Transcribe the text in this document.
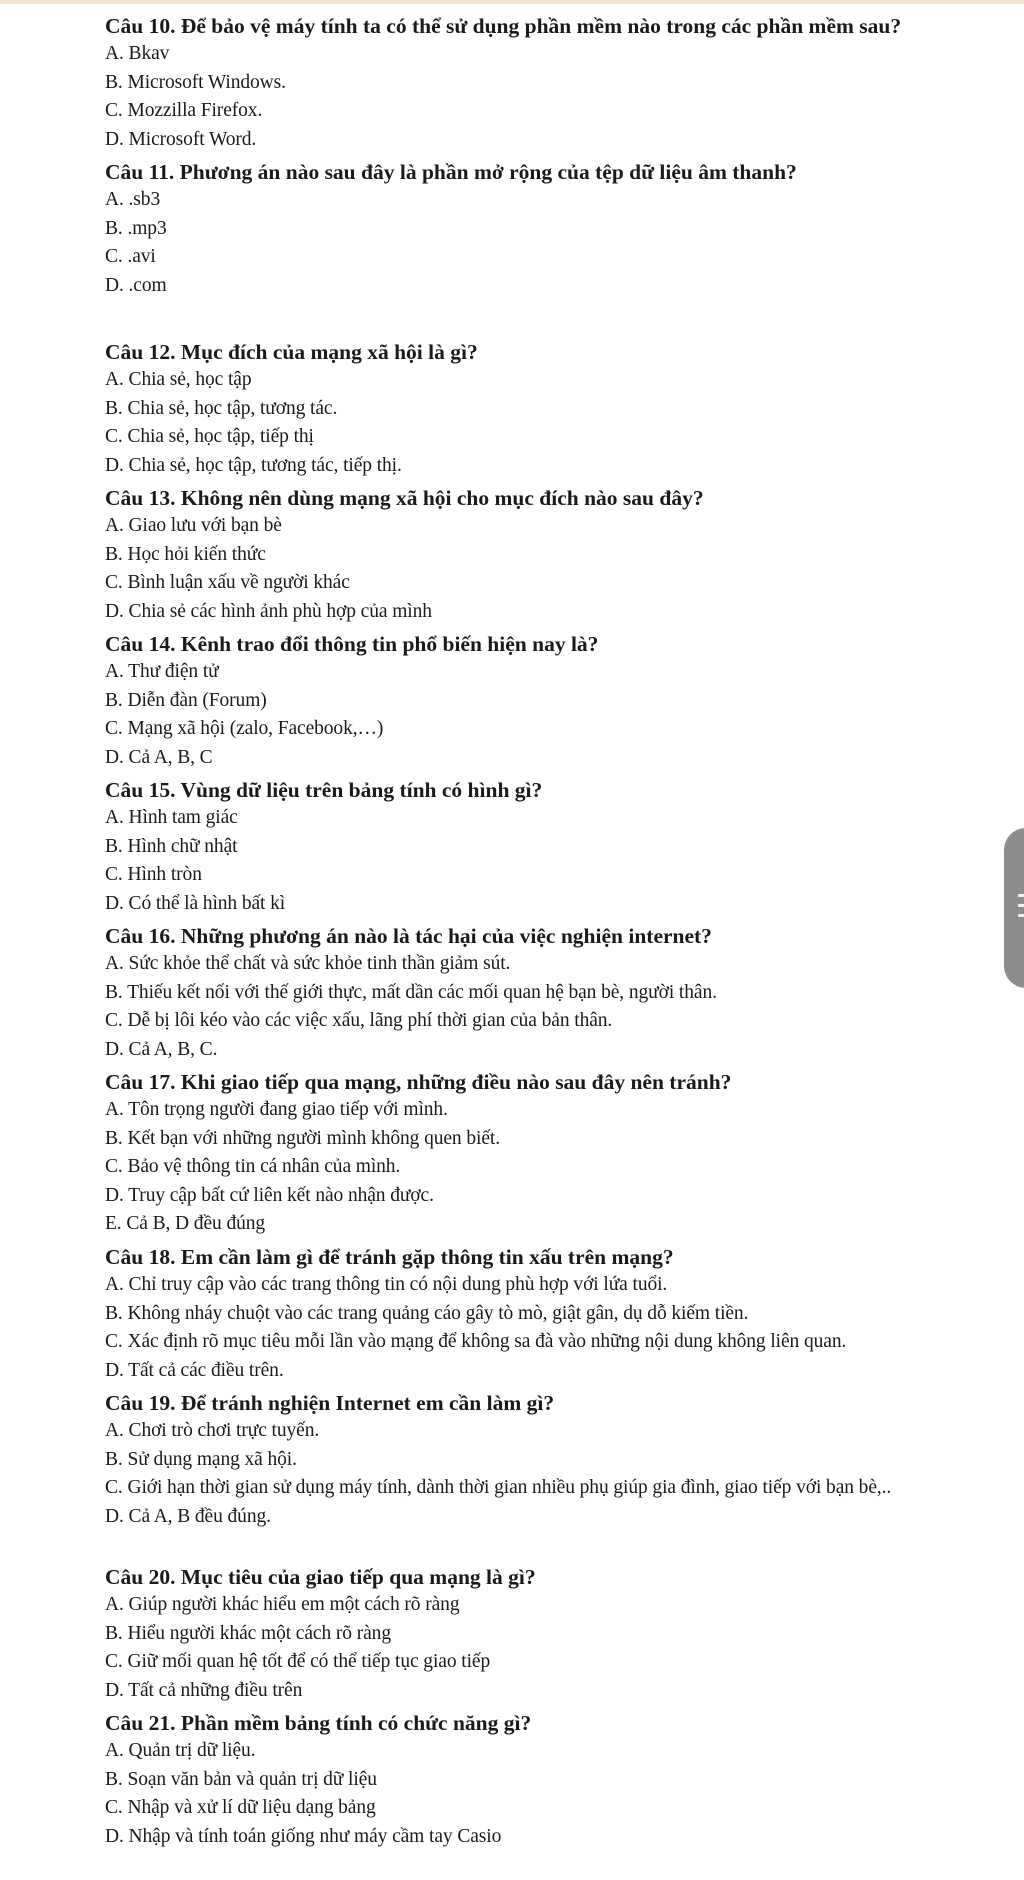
Câu 10. Để bảo vệ máy tính ta có thể sử dụng phần mềm nào trong các phần mềm sau?
A. Bkav
B. Microsoft Windows.
C. Mozzilla Firefox.
D. Microsoft Word.
Câu 11. Phương án nào sau đây là phần mở rộng của tệp dữ liệu âm thanh?
A. .sb3
B. .mp3
C. .avi
D. .com
Câu 12. Mục đích của mạng xã hội là gì?
A. Chia sẻ, học tập
B. Chia sẻ, học tập, tương tác.
C. Chia sẻ, học tập, tiếp thị
D. Chia sẻ, học tập, tương tác, tiếp thị.
Câu 13. Không nên dùng mạng xã hội cho mục đích nào sau đây?
A. Giao lưu với bạn bè
B. Học hỏi kiến thức
C. Bình luận xấu về người khác
D. Chia sẻ các hình ảnh phù hợp của mình
Câu 14. Kênh trao đổi thông tin phổ biến hiện nay là?
A. Thư điện tử
B. Diễn đàn (Forum)
C. Mạng xã hội (zalo, Facebook,…)
D. Cả A, B, C
Câu 15. Vùng dữ liệu trên bảng tính có hình gì?
A. Hình tam giác
B. Hình chữ nhật
C. Hình tròn
D. Có thể là hình bất kì
Câu 16. Những phương án nào là tác hại của việc nghiện internet?
A. Sức khỏe thể chất và sức khỏe tinh thần giảm sút.
B. Thiếu kết nối với thế giới thực, mất dần các mối quan hệ bạn bè, người thân.
C. Dễ bị lôi kéo vào các việc xấu, lãng phí thời gian của bản thân.
D. Cả A, B, C.
Câu 17. Khi giao tiếp qua mạng, những điều nào sau đây nên tránh?
A. Tôn trọng người đang giao tiếp với mình.
B. Kết bạn với những người mình không quen biết.
C. Bảo vệ thông tin cá nhân của mình.
D. Truy cập bất cứ liên kết nào nhận được.
E. Cả B, D đều đúng
Câu 18. Em cần làm gì để tránh gặp thông tin xấu trên mạng?
A. Chỉ truy cập vào các trang thông tin có nội dung phù hợp với lứa tuổi.
B. Không nháy chuột vào các trang quảng cáo gây tò mò, giật gân, dụ dỗ kiếm tiền.
C. Xác định rõ mục tiêu mỗi lần vào mạng để không sa đà vào những nội dung không liên quan.
D. Tất cả các điều trên.
Câu 19. Để tránh nghiện Internet em cần làm gì?
A. Chơi trò chơi trực tuyến.
B. Sử dụng mạng xã hội.
C. Giới hạn thời gian sử dụng máy tính, dành thời gian nhiều phụ giúp gia đình, giao tiếp với bạn bè,..
D. Cả A, B đều đúng.
Câu 20. Mục tiêu của giao tiếp qua mạng là gì?
A. Giúp người khác hiểu em một cách rõ ràng
B. Hiểu người khác một cách rõ ràng
C. Giữ mối quan hệ tốt để có thể tiếp tục giao tiếp
D. Tất cả những điều trên
Câu 21. Phần mềm bảng tính có chức năng gì?
A. Quản trị dữ liệu.
B. Soạn văn bản và quản trị dữ liệu
C. Nhập và xử lí dữ liệu dạng bảng
D. Nhập và tính toán giống như máy cầm tay Casio
